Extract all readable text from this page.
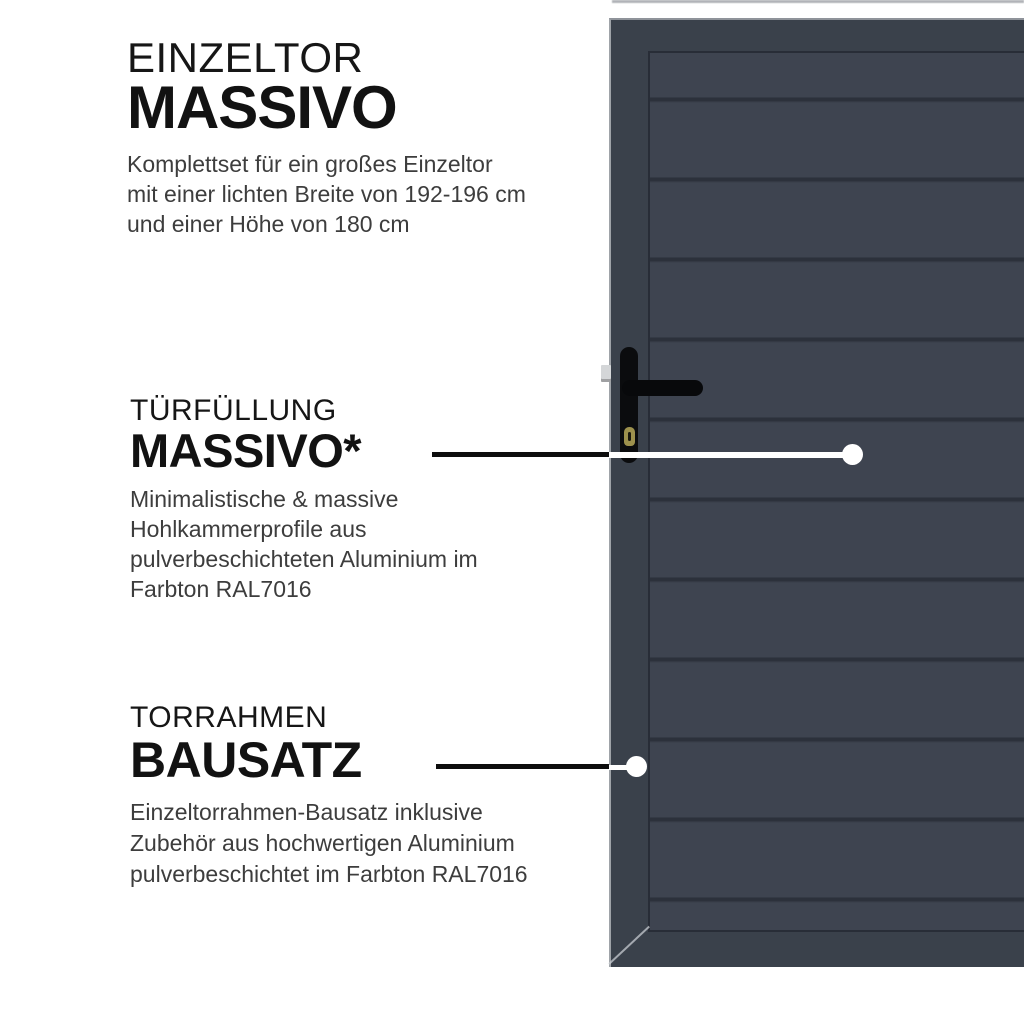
EINZELTOR
MASSIVO
Komplettset für ein großes Einzeltor
mit einer lichten Breite von 192-196 cm
und einer Höhe von 180 cm
TÜRFÜLLUNG
MASSIVO*
Minimalistische & massive
Hohlkammerprofile aus
pulverbeschichteten Aluminium im
Farbton RAL7016
TORRAHMEN
BAUSATZ
Einzeltorrahmen-Bausatz inklusive
Zubehör aus hochwertigen Aluminium
pulverbeschichtet im Farbton RAL7016
